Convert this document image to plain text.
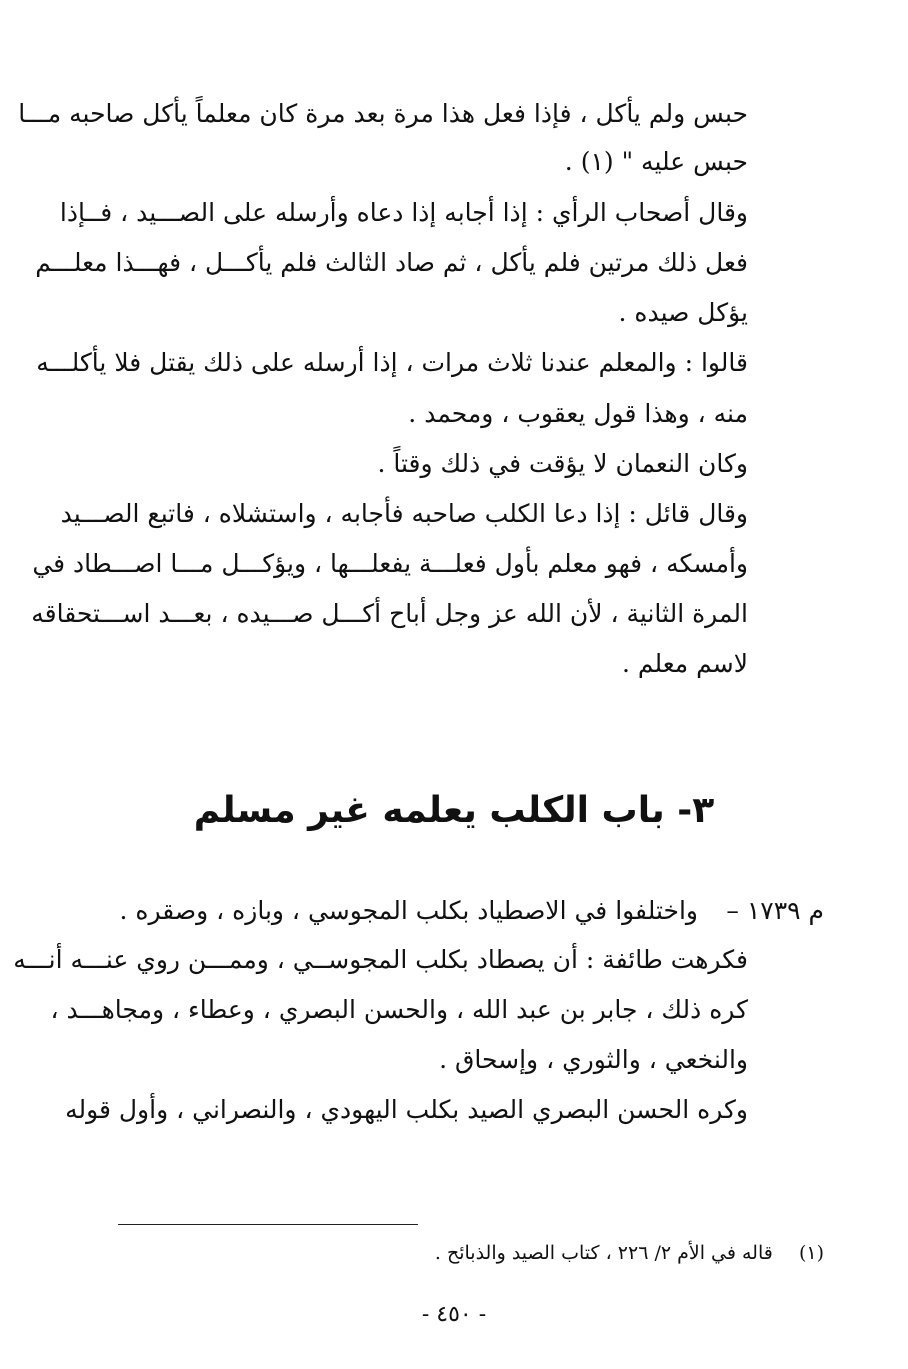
حبس ولم يأكل ، فإذا فعل هذا مرة بعد مرة كان معلماً يأكل صاحبه مـــا
حبس عليه " (١) .
وقال أصحاب الرأي : إذا أجابه إذا دعاه وأرسله على الصـــيد ، فــإذا
فعل ذلك مرتين فلم يأكل ، ثم صاد الثالث فلم يأكـــل ، فهـــذا معلـــم
يؤكل صيده .
قالوا : والمعلم عندنا ثلاث مرات ، إذا أرسله على ذلك يقتل فلا يأكلـــه
منه ، وهذا قول يعقوب ، ومحمد .
وكان النعمان لا يؤقت في ذلك وقتاً .
وقال قائل : إذا دعا الكلب صاحبه فأجابه ، واستشلاه ، فاتبع الصـــيد
وأمسكه ، فهو معلم بأول فعلـــة يفعلـــها ، ويؤكـــل مـــا اصـــطاد في
المرة الثانية ، لأن الله عز وجل أباح أكـــل صـــيده ، بعـــد اســـتحقاقه
لاسم معلم .
٣- باب الكلب يعلمه غير مسلم
م ١٧٣٩ –
واختلفوا في الاصطياد بكلب المجوسي ، وبازه ، وصقره .
فكرهت طائفة : أن يصطاد بكلب المجوســي ، وممـــن روي عنـــه أنـــه
كره ذلك ، جابر بن عبد الله ، والحسن البصري ، وعطاء ، ومجاهـــد ،
والنخعي ، والثوري ، وإسحاق .
وكره الحسن البصري الصيد بكلب اليهودي ، والنصراني ، وأول قوله
(١)  قاله في الأم ٢/ ٢٢٦ ، كتاب الصيد والذبائح .
- ٤٥٠ -
